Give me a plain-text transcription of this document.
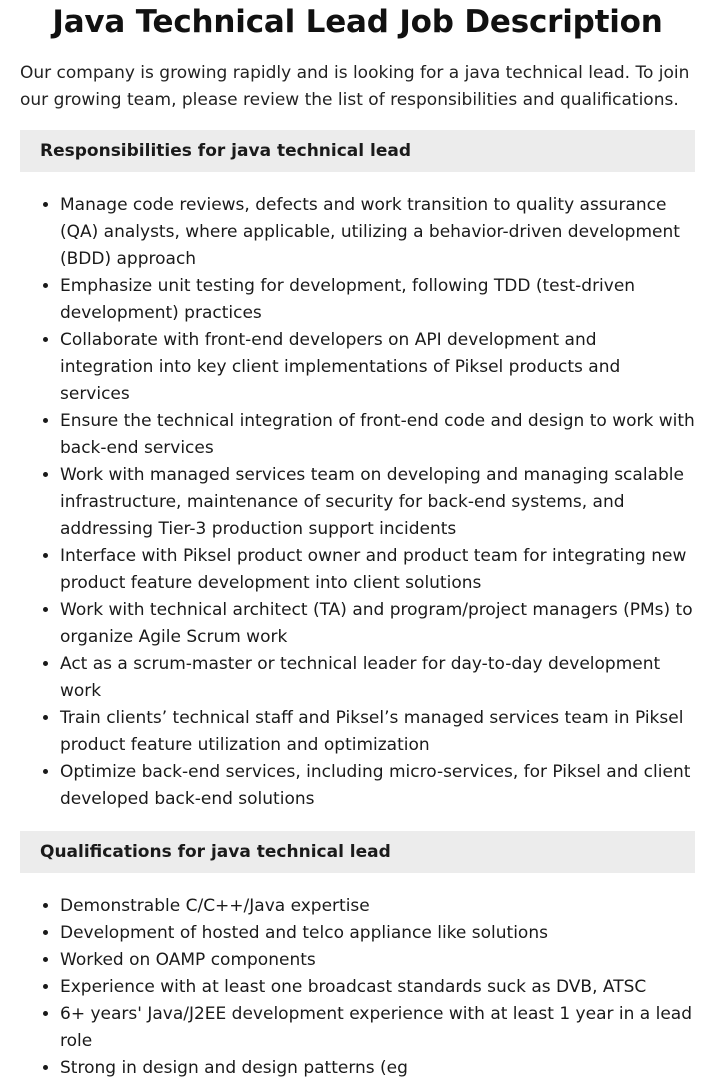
Java Technical Lead Job Description

Our company is growing rapidly and is looking for a java technical lead. To join our growing team, please review the list of responsibilities and qualifications.

Responsibilities for java technical lead
• Manage code reviews, defects and work transition to quality assurance (QA) analysts, where applicable, utilizing a behavior-driven development (BDD) approach
• Emphasize unit testing for development, following TDD (test-driven development) practices
• Collaborate with front-end developers on API development and integration into key client implementations of Piksel products and services
• Ensure the technical integration of front-end code and design to work with back-end services
• Work with managed services team on developing and managing scalable infrastructure, maintenance of security for back-end systems, and addressing Tier-3 production support incidents
• Interface with Piksel product owner and product team for integrating new product feature development into client solutions
• Work with technical architect (TA) and program/project managers (PMs) to organize Agile Scrum work
• Act as a scrum-master or technical leader for day-to-day development work
• Train clients’ technical staff and Piksel’s managed services team in Piksel product feature utilization and optimization
• Optimize back-end services, including micro-services, for Piksel and client developed back-end solutions
Qualifications for java technical lead
• Demonstrable C/C++/Java expertise
• Development of hosted and telco appliance like solutions
• Worked on OAMP components
• Experience with at least one broadcast standards suck as DVB, ATSC
• 6+ years' Java/J2EE development experience with at least 1 year in a lead role
• Strong in design and design patterns (eg
